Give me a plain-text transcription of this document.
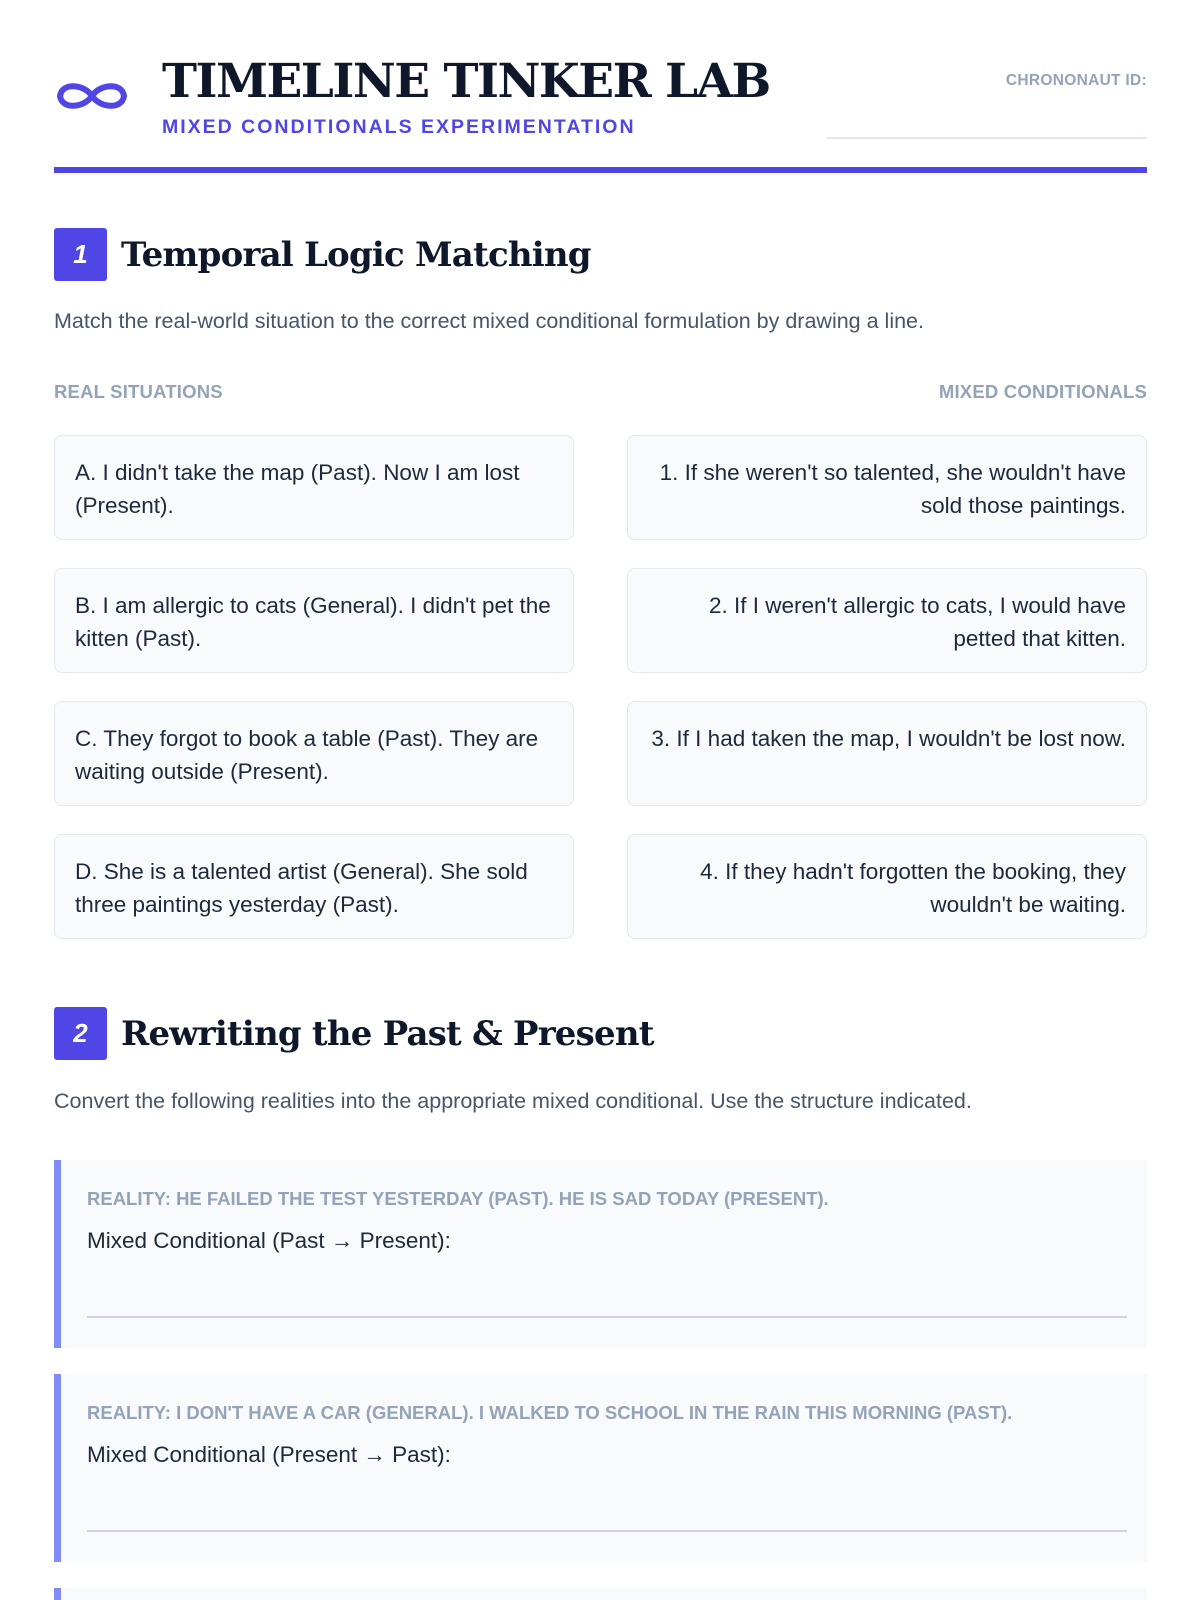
TIMELINE TINKER LAB
MIXED CONDITIONALS EXPERIMENTATION
CHRONONAUT ID:
1 Temporal Logic Matching
Match the real-world situation to the correct mixed conditional formulation by drawing a line.
REAL SITUATIONS	MIXED CONDITIONALS
A. I didn't take the map (Past). Now I am lost (Present).
B. I am allergic to cats (General). I didn't pet the kitten (Past).
C. They forgot to book a table (Past). They are waiting outside (Present).
D. She is a talented artist (General). She sold three paintings yesterday (Past).
1. If she weren't so talented, she wouldn't have sold those paintings.
2. If I weren't allergic to cats, I would have petted that kitten.
3. If I had taken the map, I wouldn't be lost now.
4. If they hadn't forgotten the booking, they wouldn't be waiting.
2 Rewriting the Past & Present
Convert the following realities into the appropriate mixed conditional. Use the structure indicated.
REALITY: HE FAILED THE TEST YESTERDAY (PAST). HE IS SAD TODAY (PRESENT).
Mixed Conditional (Past → Present):
REALITY: I DON'T HAVE A CAR (GENERAL). I WALKED TO SCHOOL IN THE RAIN THIS MORNING (PAST).
Mixed Conditional (Present → Past):
